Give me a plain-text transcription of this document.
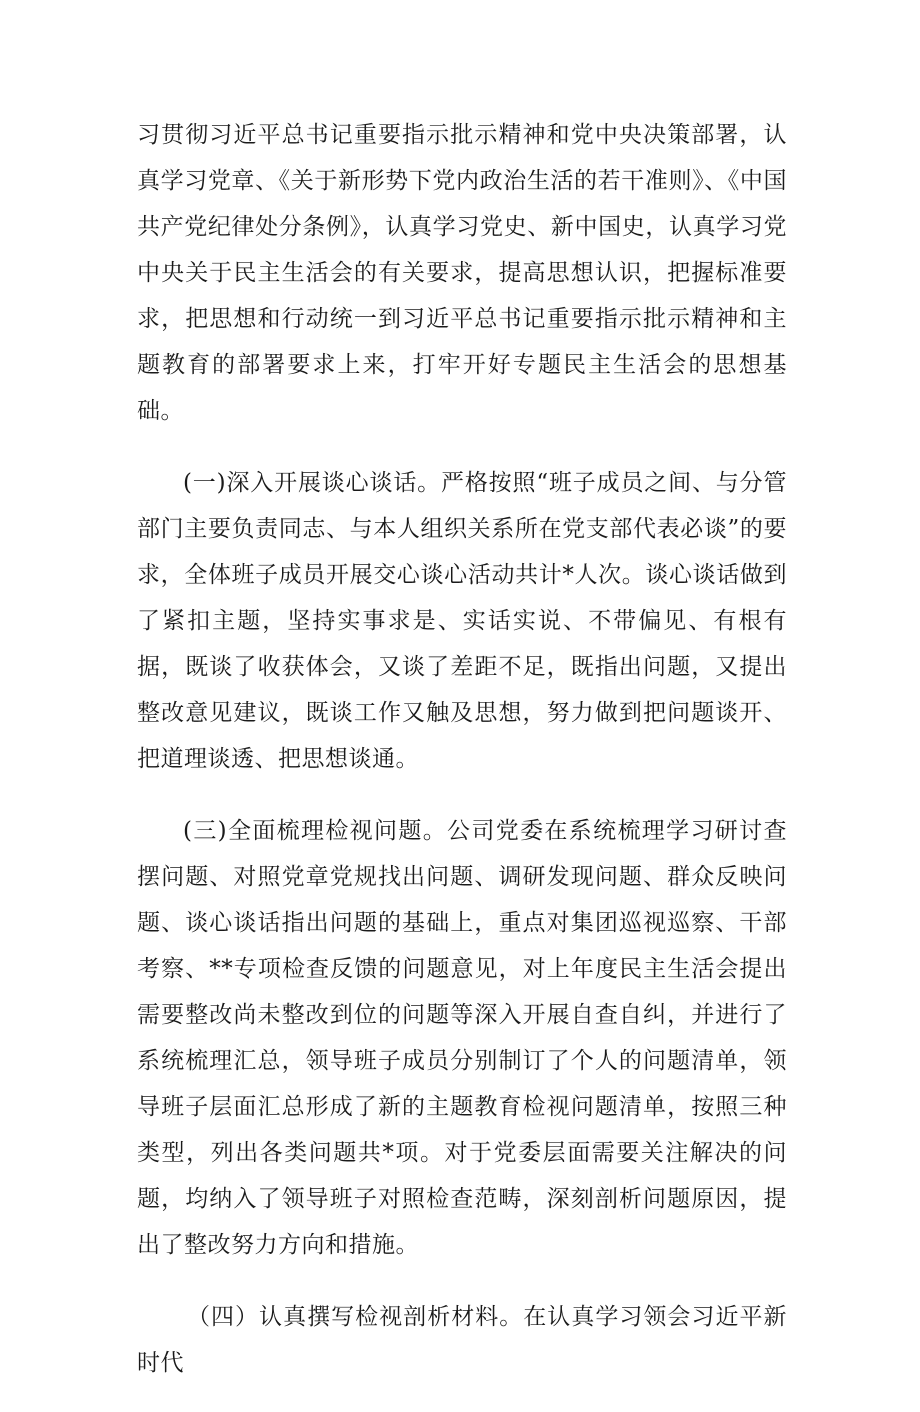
习贯彻习近平总书记重要指示批示精神和党中央决策部署，认真学习党章、《关于新形势下党内政治生活的若干准则》、《中国共产党纪律处分条例》，认真学习党史、新中国史，认真学习党中央关于民主生活会的有关要求，提高思想认识，把握标准要求，把思想和行动统一到习近平总书记重要指示批示精神和主题教育的部署要求上来，打牢开好专题民主生活会的思想基础。

(一)深入开展谈心谈话。严格按照“班子成员之间、与分管部门主要负责同志、与本人组织关系所在党支部代表必谈”的要求，全体班子成员开展交心谈心活动共计*人次。谈心谈话做到了紧扣主题，坚持实事求是、实话实说、不带偏见、有根有据，既谈了收获体会，又谈了差距不足，既指出问题，又提出整改意见建议，既谈工作又触及思想，努力做到把问题谈开、把道理谈透、把思想谈通。

(三)全面梳理检视问题。公司党委在系统梳理学习研讨查摆问题、对照党章党规找出问题、调研发现问题、群众反映问题、谈心谈话指出问题的基础上，重点对集团巡视巡察、干部考察、**专项检查反馈的问题意见，对上年度民主生活会提出需要整改尚未整改到位的问题等深入开展自查自纠，并进行了系统梳理汇总，领导班子成员分别制订了个人的问题清单，领导班子层面汇总形成了新的主题教育检视问题清单，按照三种类型，列出各类问题共*项。对于党委层面需要关注解决的问题，均纳入了领导班子对照检查范畴，深刻剖析问题原因，提出了整改努力方向和措施。

（四）认真撰写检视剖析材料。在认真学习领会习近平新时代
